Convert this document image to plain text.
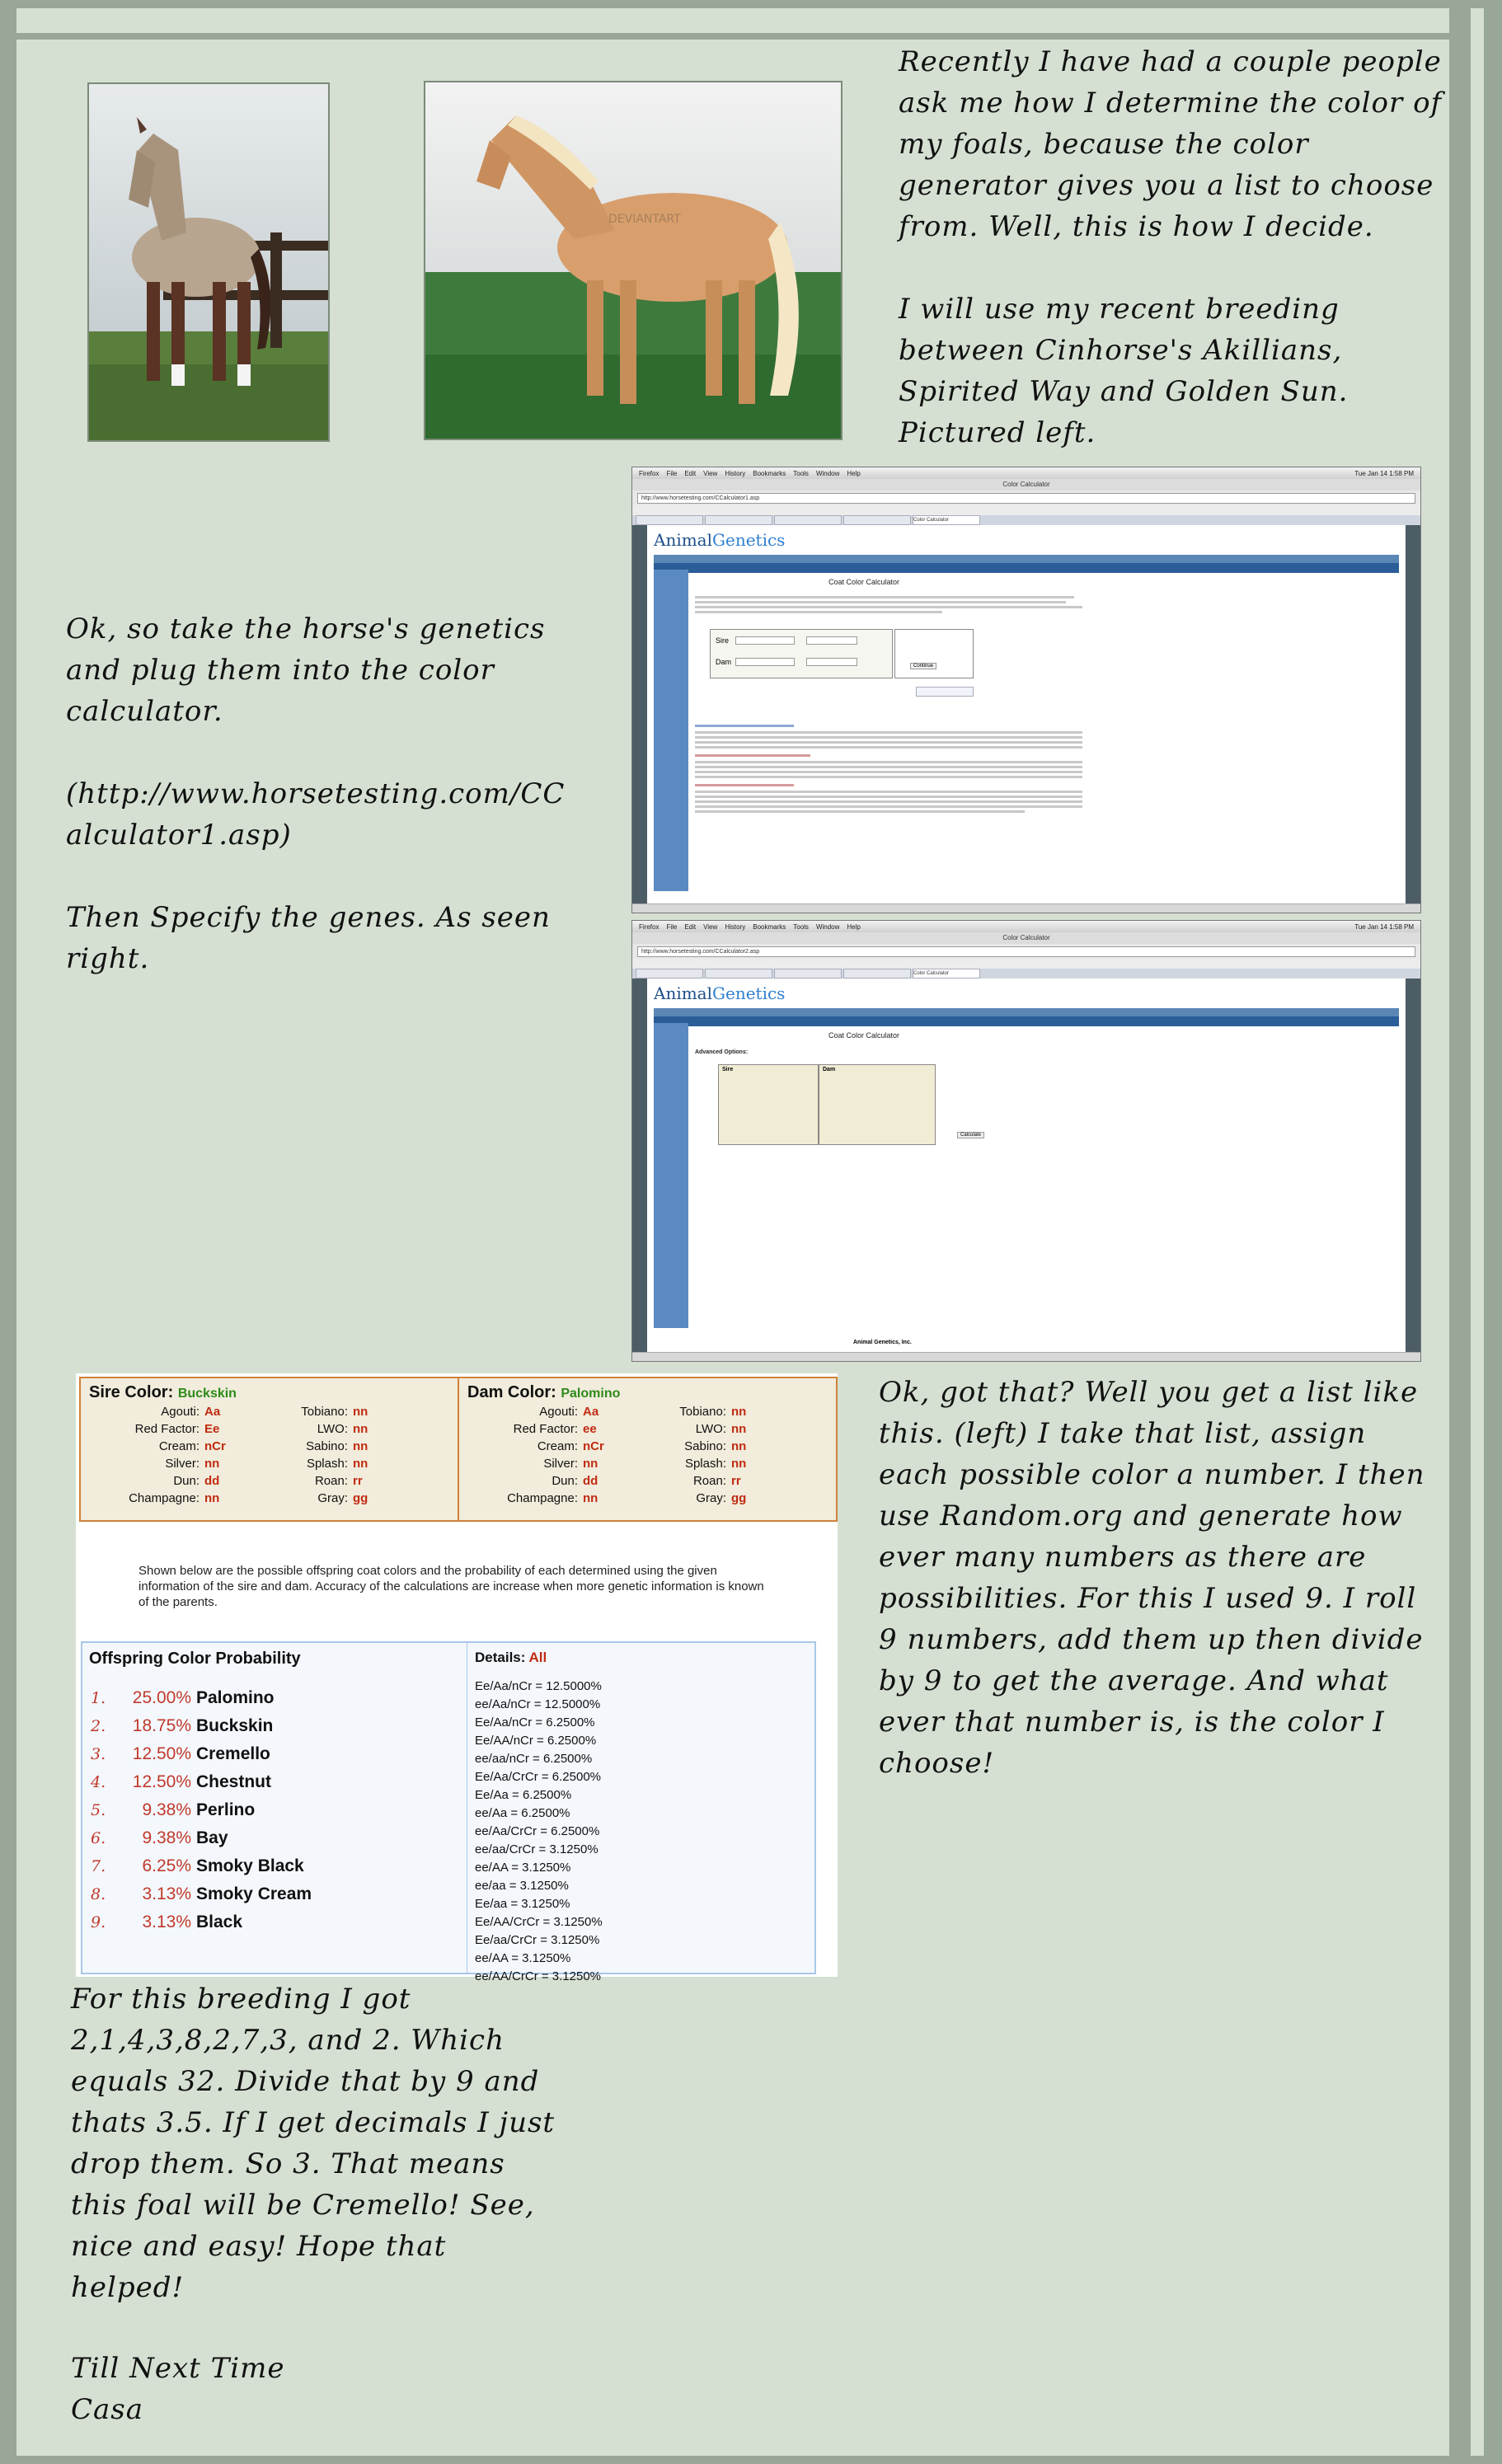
DEVIANTART

Recently I have had a couple people ask me how I determine the color of my foals, because the color generator gives you a list to choose from. Well, this is how I decide.

I will use my recent breeding between Cinhorse's Akillians, Spirited Way and Golden Sun. Pictured left.

Ok, so take the horse's genetics and plug them into the color calculator.

(http://www.horsetesting.com/CCalculator1.asp)

Then Specify the genes. As seen right.

Firefox File Edit View History Bookmarks Tools Window Help	Tue Jan 14 1:58 PM
Color Calculator
http://www.horsetesting.com/CCalculator1.asp
Color Calculator
AnimalGenetics
Coat Color Calculator
Sire
Dam	Continue
Firefox File Edit View History Bookmarks Tools Window Help	Tue Jan 14 1:58 PM
Color Calculator
http://www.horsetesting.com/CCalculator2.asp
Color Calculator
AnimalGenetics
Coat Color Calculator
Advanced Options:
Sire	Dam
Calculate
Animal Genetics, Inc.
Sire Color: Buckskin
Agouti: Aa	Tobiano: nn
Red Factor: Ee	LWO: nn
Cream: nCr	Sabino: nn
Silver: nn	Splash: nn
Dun: dd	Roan: rr
Champagne: nn	Gray: gg
Dam Color: Palomino
Agouti: Aa	Tobiano: nn
Red Factor: ee	LWO: nn
Cream: nCr	Sabino: nn
Silver: nn	Splash: nn
Dun: dd	Roan: rr
Champagne: nn	Gray: gg
Shown below are the possible offspring coat colors and the probability of each determined using the given information of the sire and dam. Accuracy of the calculations are increase when more genetic information is known of the parents.
Offspring Color Probability	Details: All
1.	25.00% Palomino
2.	18.75% Buckskin
3.	12.50% Cremello
4.	12.50% Chestnut
5.	9.38% Perlino
6.	9.38% Bay
7.	6.25% Smoky Black
8.	3.13% Smoky Cream
9.	3.13% Black
Ee/Aa/nCr = 12.5000%
ee/Aa/nCr = 12.5000%
Ee/Aa/nCr = 6.2500%
Ee/AA/nCr = 6.2500%
ee/aa/nCr = 6.2500%
Ee/Aa/CrCr = 6.2500%
Ee/Aa = 6.2500%
ee/Aa = 6.2500%
ee/Aa/CrCr = 6.2500%
ee/aa/CrCr = 3.1250%
ee/AA = 3.1250%
ee/aa = 3.1250%
Ee/aa = 3.1250%
Ee/AA/CrCr = 3.1250%
Ee/aa/CrCr = 3.1250%
ee/AA = 3.1250%
ee/AA/CrCr = 3.1250%

Ok, got that? Well you get a list like this. (left) I take that list, assign each possible color a number. I then use Random.org and generate how ever many numbers as there are possibilities. For this I used 9. I roll 9 numbers, add them up then divide by 9 to get the average. And what ever that number is, is the color I choose!

For this breeding I got 2,1,4,3,8,2,7,3, and 2. Which equals 32. Divide that by 9 and thats 3.5. If I get decimals I just drop them. So 3. That means this foal will be Cremello! See, nice and easy! Hope that helped!

Till Next Time
Casa
